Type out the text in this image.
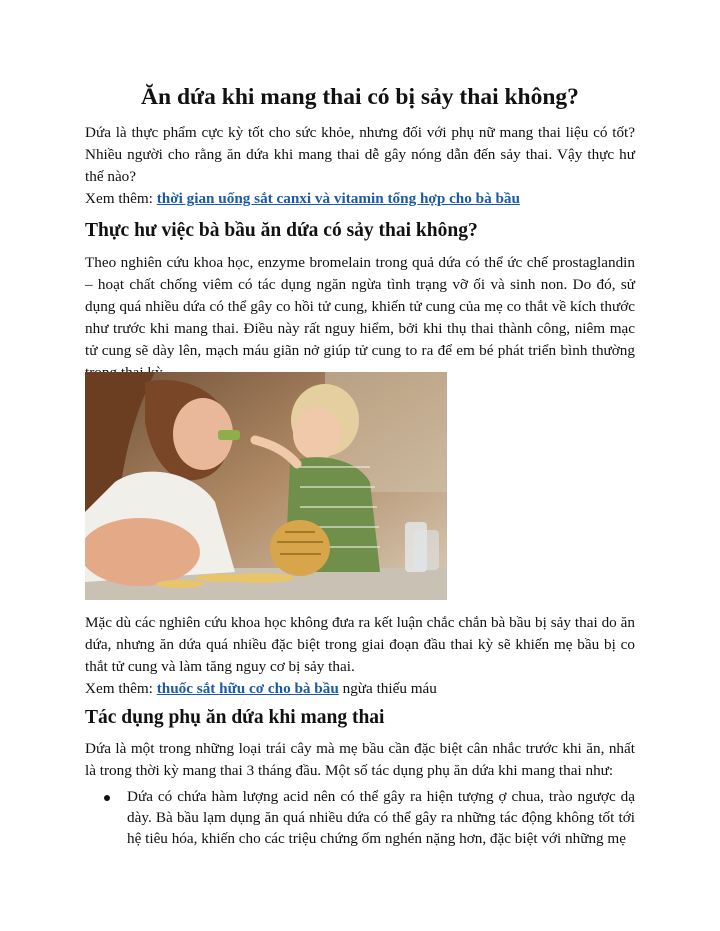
Ăn dứa khi mang thai có bị sảy thai không?

Dứa là thực phẩm cực kỳ tốt cho sức khỏe, nhưng đối với phụ nữ mang thai liệu có tốt? Nhiều người cho rằng ăn dứa khi mang thai dễ gây nóng dẫn đến sảy thai. Vậy thực hư thế nào?

Xem thêm: thời gian uống sắt canxi và vitamin tổng hợp cho bà bầu

Thực hư việc bà bầu ăn dứa có sảy thai không?

Theo nghiên cứu khoa học, enzyme bromelain trong quả dứa có thể ức chế prostaglandin – hoạt chất chống viêm có tác dụng ngăn ngừa tình trạng vỡ ối và sinh non. Do đó, sử dụng quá nhiều dứa có thể gây co hồi tử cung, khiến tử cung của mẹ co thắt về kích thước như trước khi mang thai. Điều này rất nguy hiểm, bởi khi thụ thai thành công, niêm mạc tử cung sẽ dày lên, mạch máu giãn nở giúp tử cung to ra để em bé phát triển bình thường

Mặc dù các nghiên cứu khoa học không đưa ra kết luận chắc chắn bà bầu bị sảy thai do ăn dứa, nhưng ăn dứa quá nhiều đặc biệt trong giai đoạn đầu thai kỳ sẽ khiến mẹ bầu bị co thắt tử cung và làm tăng nguy cơ bị sảy thai.

Xem thêm: thuốc sắt hữu cơ cho bà bầu ngừa thiếu máu

Tác dụng phụ ăn dứa khi mang thai

Dứa là một trong những loại trái cây mà mẹ bầu cần đặc biệt cân nhắc trước khi ăn, nhất là trong thời kỳ mang thai 3 tháng đầu. Một số tác dụng phụ ăn dứa khi mang thai như:

Dứa có chứa hàm lượng acid nên có thể gây ra hiện tượng ợ chua, trào ngược dạ dày. Bà bầu lạm dụng ăn quá nhiều dứa có thể gây ra những tác động không tốt tới hệ tiêu hóa, khiến cho các triệu chứng ốm nghén nặng hơn, đặc biệt với những mẹ
